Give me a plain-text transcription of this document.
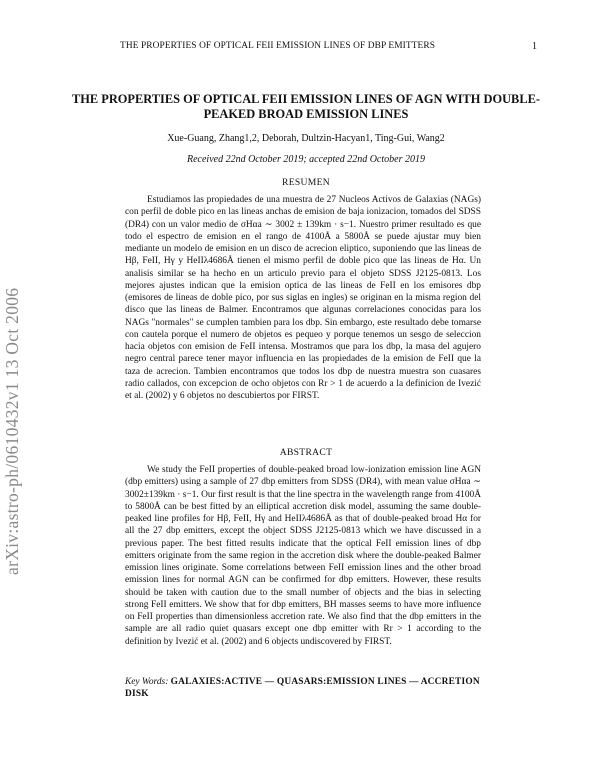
THE PROPERTIES OF OPTICAL FEII EMISSION LINES OF DBP EMITTERS	1
arXiv:astro-ph/0610432v1 13 Oct 2006
THE PROPERTIES OF OPTICAL FEII EMISSION LINES OF AGN WITH DOUBLE-PEAKED BROAD EMISSION LINES
Xue-Guang, Zhang1,2, Deborah, Dultzin-Hacyan1, Ting-Gui, Wang2
Received 22nd October 2019; accepted 22nd October 2019
RESUMEN
Estudiamos las propiedades de una muestra de 27 Nucleos Activos de Galaxias (NAGs) con perfil de doble pico en las lineas anchas de emision de baja ionizacion, tomados del SDSS (DR4) con un valor medio de σHαa ∼ 3002 ± 139km · s−1. Nuestro primer resultado es que todo el espectro de emision en el rango de 4100Å a 5800Å se puede ajustar muy bien mediante un modelo de emision en un disco de acrecion eliptico, suponiendo que las lineas de Hβ, FeII, Hγ y HeIIλ4686Å tienen el mismo perfil de doble pico que las lineas de Hα. Un analisis similar se ha hecho en un articulo previo para el objeto SDSS J2125-0813. Los mejores ajustes indican que la emision optica de las lineas de FeII en los emisores dbp (emisores de lineas de doble pico, por sus siglas en ingles) se originan en la misma region del disco que las lineas de Balmer. Encontramos que algunas correlaciones conocidas para los NAGs "normales" se cumplen tambien para los dbp. Sin embargo, este resultado debe tomarse con cautela porque el numero de objetos es pequeo y porque tenemos un sesgo de seleccion hacia objetos con emision de FeII intensa. Mostramos que para los dbp, la masa del agujero negro central parece tener mayor influencia en las propiedades de la emision de FeII que la taza de acrecion. Tambien encontramos que todos los dbp de nuestra muestra son cuasares radio callados, con excepcion de ocho objetos con Rr > 1 de acuerdo a la definicion de Ivezić et al. (2002) y 6 objetos no descubiertos por FIRST.
ABSTRACT
We study the FeII properties of double-peaked broad low-ionization emission line AGN (dbp emitters) using a sample of 27 dbp emitters from SDSS (DR4), with mean value σHαa ∼ 3002±139km · s−1. Our first result is that the line spectra in the wavelength range from 4100Å to 5800Å can be best fitted by an elliptical accretion disk model, assuming the same double-peaked line profiles for Hβ, FeII, Hγ and HeIIλ4686Å as that of double-peaked broad Hα for all the 27 dbp emitters, except the object SDSS J2125-0813 which we have discussed in a previous paper. The best fitted results indicate that the optical FeII emission lines of dbp emitters originate from the same region in the accretion disk where the double-peaked Balmer emission lines originate. Some correlations between FeII emission lines and the other broad emission lines for normal AGN can be confirmed for dbp emitters. However, these results should be taken with caution due to the small number of objects and the bias in selecting strong FeII emitters. We show that for dbp emitters, BH masses seems to have more influence on FeII properties than dimensionless accretion rate. We also find that the dbp emitters in the sample are all radio quiet quasars except one dbp emitter with Rr > 1 according to the definition by Ivezić et al. (2002) and 6 objects undiscovered by FIRST.
Key Words: GALAXIES:ACTIVE — QUASARS:EMISSION LINES — ACCRETION DISK
